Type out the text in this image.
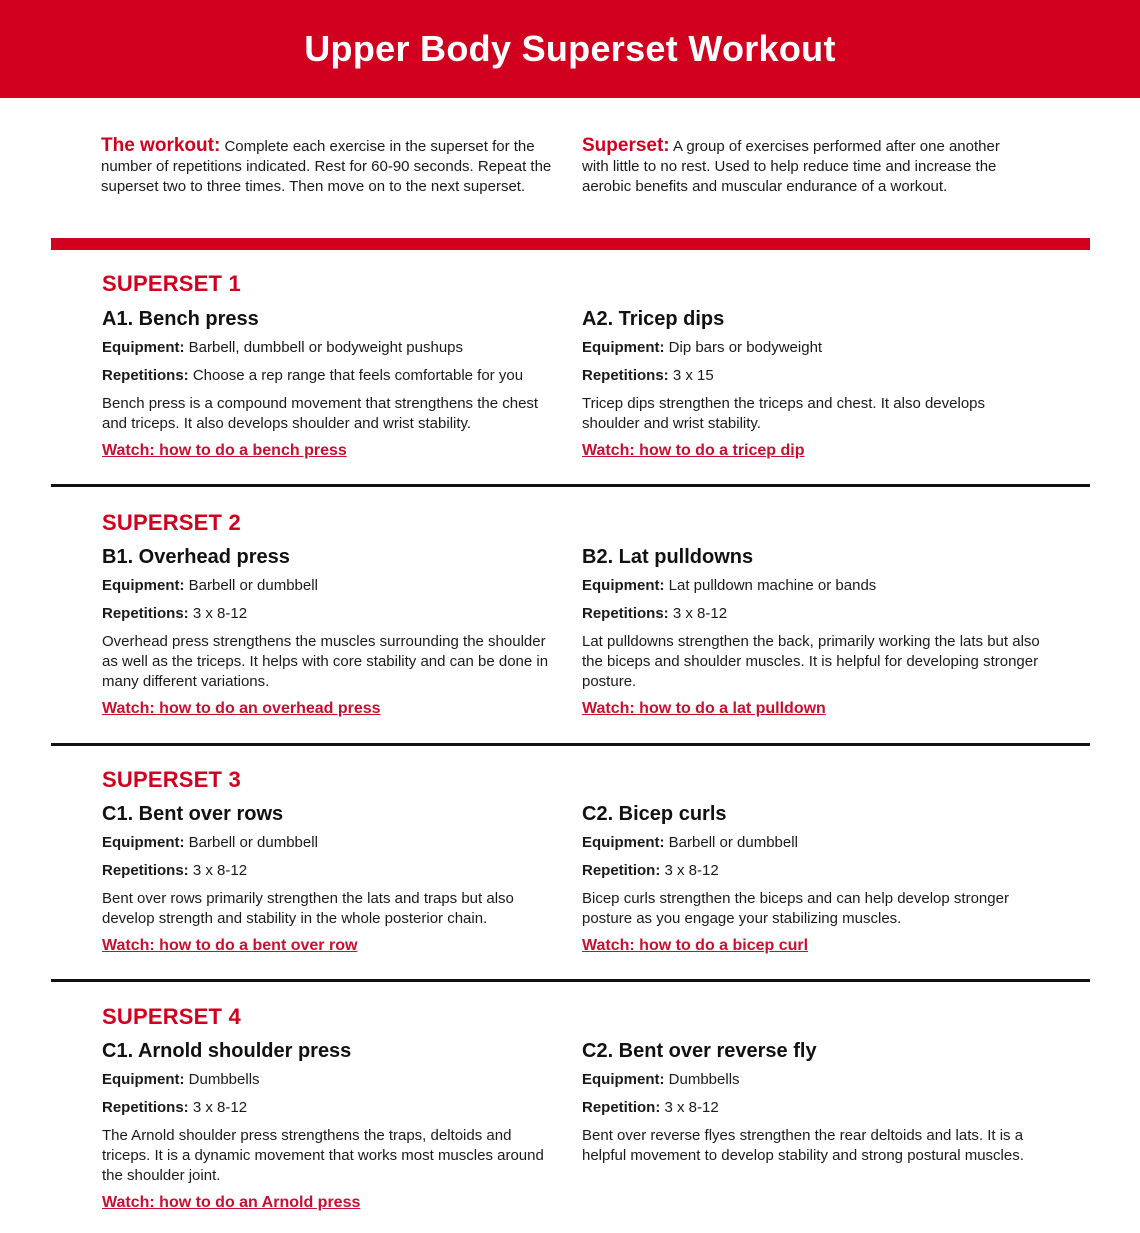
Upper Body Superset Workout
The workout: Complete each exercise in the superset for the number of repetitions indicated. Rest for 60-90 seconds. Repeat the superset two to three times. Then move on to the next superset.
Superset: A group of exercises performed after one another with little to no rest. Used to help reduce time and increase the aerobic benefits and muscular endurance of a workout.
SUPERSET 1
A1. Bench press
Equipment: Barbell, dumbbell or bodyweight pushups
Repetitions: Choose a rep range that feels comfortable for you
Bench press is a compound movement that strengthens the chest and triceps. It also develops shoulder and wrist stability.
Watch: how to do a bench press
A2. Tricep dips
Equipment: Dip bars or bodyweight
Repetitions: 3 x 15
Tricep dips strengthen the triceps and chest. It also develops shoulder and wrist stability.
Watch: how to do a tricep dip
SUPERSET 2
B1. Overhead press
Equipment: Barbell or dumbbell
Repetitions: 3 x 8-12
Overhead press strengthens the muscles surrounding the shoulder as well as the triceps. It helps with core stability and can be done in many different variations.
Watch: how to do an overhead press
B2. Lat pulldowns
Equipment: Lat pulldown machine or bands
Repetitions: 3 x 8-12
Lat pulldowns strengthen the back, primarily working the lats but also the biceps and shoulder muscles. It is helpful for developing stronger posture.
Watch: how to do a lat pulldown
SUPERSET 3
C1. Bent over rows
Equipment: Barbell or dumbbell
Repetitions: 3 x 8-12
Bent over rows primarily strengthen the lats and traps but also develop strength and stability in the whole posterior chain.
Watch: how to do a bent over row
C2. Bicep curls
Equipment: Barbell or dumbbell
Repetition: 3 x 8-12
Bicep curls strengthen the biceps and can help develop stronger posture as you engage your stabilizing muscles.
Watch: how to do a bicep curl
SUPERSET 4
C1. Arnold shoulder press
Equipment: Dumbbells
Repetitions: 3 x 8-12
The Arnold shoulder press strengthens the traps, deltoids and triceps. It is a dynamic movement that works most muscles around the shoulder joint.
Watch: how to do an Arnold press
C2. Bent over reverse fly
Equipment: Dumbbells
Repetition: 3 x 8-12
Bent over reverse flyes strengthen the rear deltoids and lats. It is a helpful movement to develop stability and strong postural muscles.
